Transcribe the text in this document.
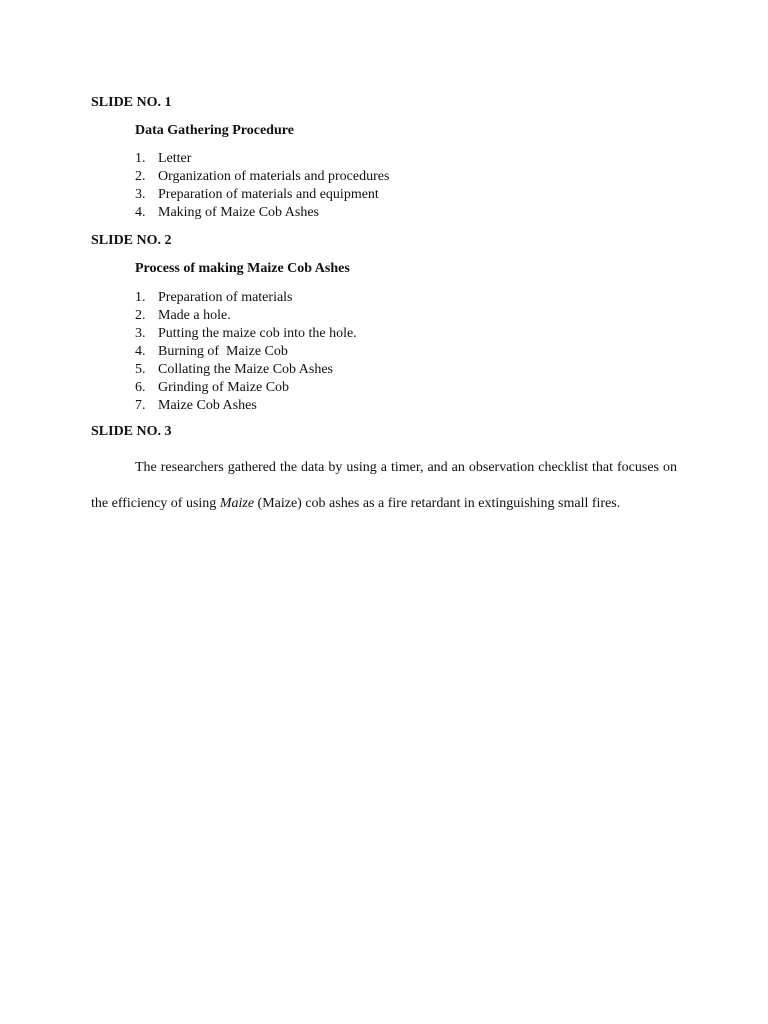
SLIDE NO. 1
Data Gathering Procedure
1. Letter
2. Organization of materials and procedures
3. Preparation of materials and equipment
4. Making of Maize Cob Ashes
SLIDE NO. 2
Process of making Maize Cob Ashes
1. Preparation of materials
2. Made a hole.
3. Putting the maize cob into the hole.
4. Burning of  Maize Cob
5. Collating the Maize Cob Ashes
6. Grinding of Maize Cob
7. Maize Cob Ashes
SLIDE NO. 3

The researchers gathered the data by using a timer, and an observation checklist that focuses on the efficiency of using Maize (Maize) cob ashes as a fire retardant in extinguishing small fires.
